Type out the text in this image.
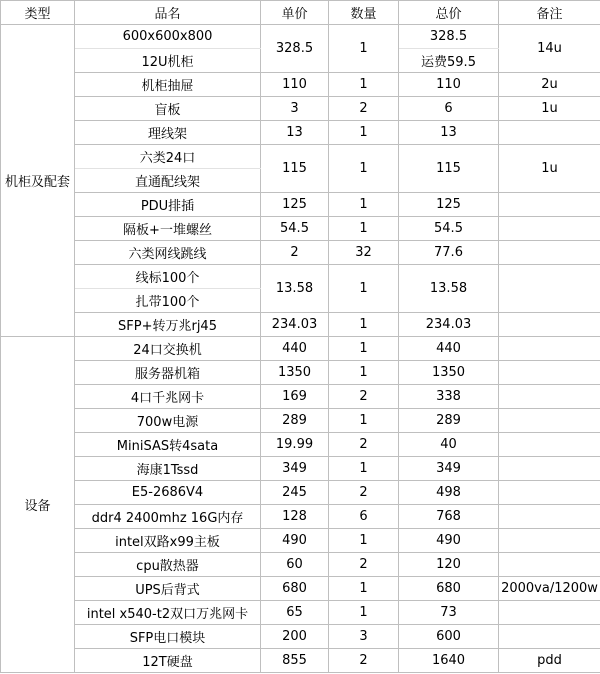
类型	品名	单价	数量	总价	备注
机柜及配套	600x600x800	328.5	1	328.5	14u
	12U机柜			运费59.5	
	机柜抽屉	110	1	110	2u
	盲板	3	2	6	1u
	理线架	13	1	13	
	六类24口	115	1	115	1u
	直通配线架				
	PDU排插	125	1	125	
	隔板+一堆螺丝	54.5	1	54.5	
	六类网线跳线	2	32	77.6	
	线标100个	13.58	1	13.58	
	扎带100个				
	SFP+转万兆rj45	234.03	1	234.03	
设备	24口交换机	440	1	440	
	服务器机箱	1350	1	1350	
	4口千兆网卡	169	2	338	
	700w电源	289	1	289	
	MiniSAS转4sata	19.99	2	40	
	海康1Tssd	349	1	349	
	E5-2686V4	245	2	498	
	ddr4 2400mhz 16G内存	128	6	768	
	intel双路x99主板	490	1	490	
	cpu散热器	60	2	120	
	UPS后背式	680	1	680	2000va/1200w
	intel x540-t2双口万兆网卡	65	1	73	
	SFP电口模块	200	3	600	
	12T硬盘	855	2	1640	pdd
